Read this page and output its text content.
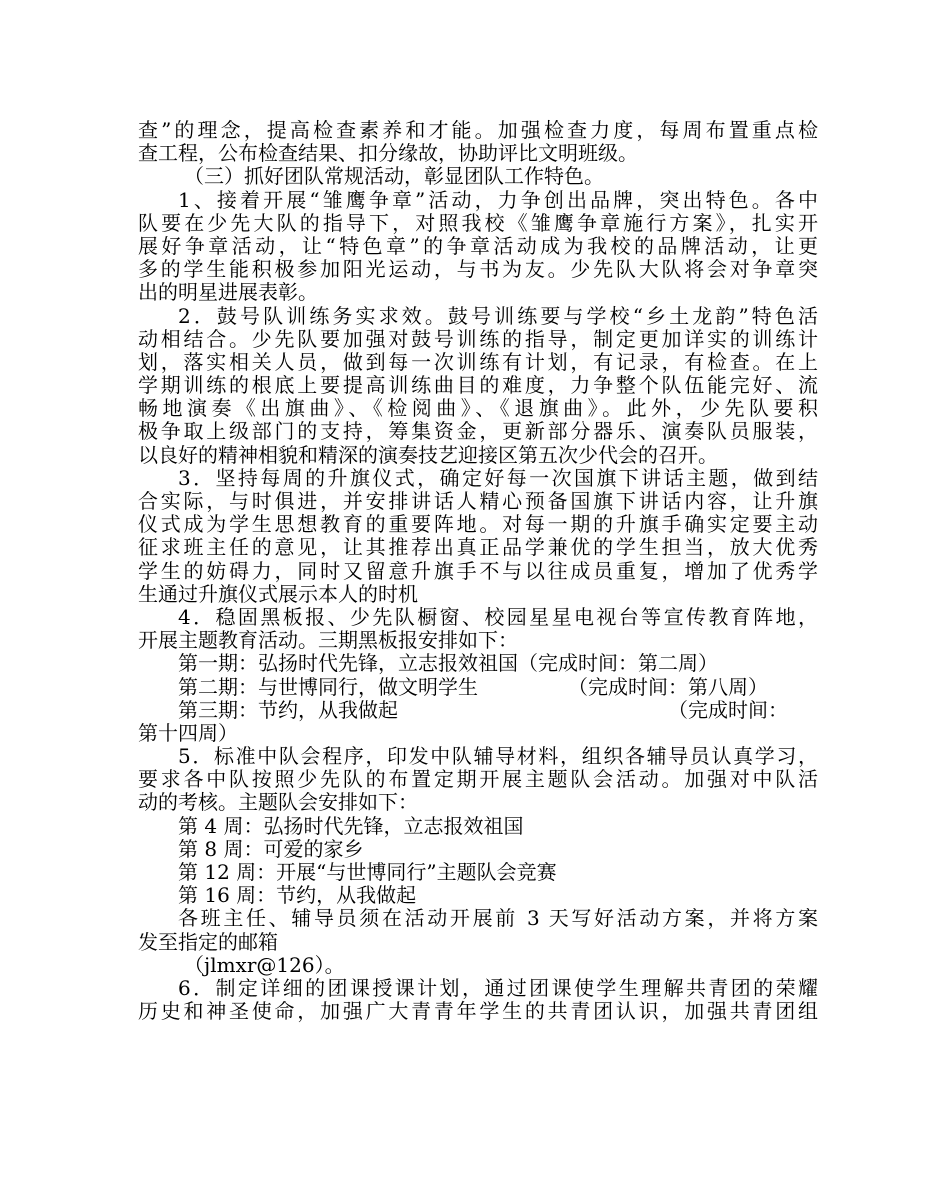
查”的理念，提高检查素养和才能。加强检查力度，每周布置重点检
查工程，公布检查结果、扣分缘故，协助评比文明班级。
（三）抓好团队常规活动，彰显团队工作特色。
1、接着开展“雏鹰争章”活动，力争创出品牌，突出特色。各中
队要在少先大队的指导下，对照我校《雏鹰争章施行方案》，扎实开
展好争章活动，让“特色章”的争章活动成为我校的品牌活动，让更
多的学生能积极参加阳光运动，与书为友。少先队大队将会对争章突
出的明星进展表彰。
2．鼓号队训练务实求效。鼓号训练要与学校“乡土龙韵”特色活
动相结合。少先队要加强对鼓号训练的指导，制定更加详实的训练计
划，落实相关人员，做到每一次训练有计划，有记录，有检查。在上
学期训练的根底上要提高训练曲目的难度，力争整个队伍能完好、流
畅地演奏《出旗曲》、《检阅曲》、《退旗曲》。此外，少先队要积
极争取上级部门的支持，筹集资金，更新部分器乐、演奏队员服装，
以良好的精神相貌和精深的演奏技艺迎接区第五次少代会的召开。
3．坚持每周的升旗仪式，确定好每一次国旗下讲话主题，做到结
合实际，与时俱进，并安排讲话人精心预备国旗下讲话内容，让升旗
仪式成为学生思想教育的重要阵地。对每一期的升旗手确实定要主动
征求班主任的意见，让其推荐出真正品学兼优的学生担当，放大优秀
学生的妨碍力，同时又留意升旗手不与以往成员重复，增加了优秀学
生通过升旗仪式展示本人的时机
4．稳固黑板报、少先队橱窗、校园星星电视台等宣传教育阵地，
开展主题教育活动。三期黑板报安排如下：
第一期：弘扬时代先锋，立志报效祖国（完成时间：第二周）
第二期：与世博同行，做文明学生　　　　　（完成时间：第八周）
第三期：节约，从我做起　　　　　　　　　　　　　　（完成时间：
第十四周）
5．标准中队会程序，印发中队辅导材料，组织各辅导员认真学习，
要求各中队按照少先队的布置定期开展主题队会活动。加强对中队活
动的考核。主题队会安排如下：
第 4 周：弘扬时代先锋，立志报效祖国
第 8 周：可爱的家乡
第 12 周：开展“与世博同行”主题队会竞赛
第 16 周：节约，从我做起
各班主任、辅导员须在活动开展前 3 天写好活动方案，并将方案
发至指定的邮箱
（jlmxr@126）。
6．制定详细的团课授课计划，通过团课使学生理解共青团的荣耀
历史和神圣使命，加强广大青青年学生的共青团认识，加强共青团组
